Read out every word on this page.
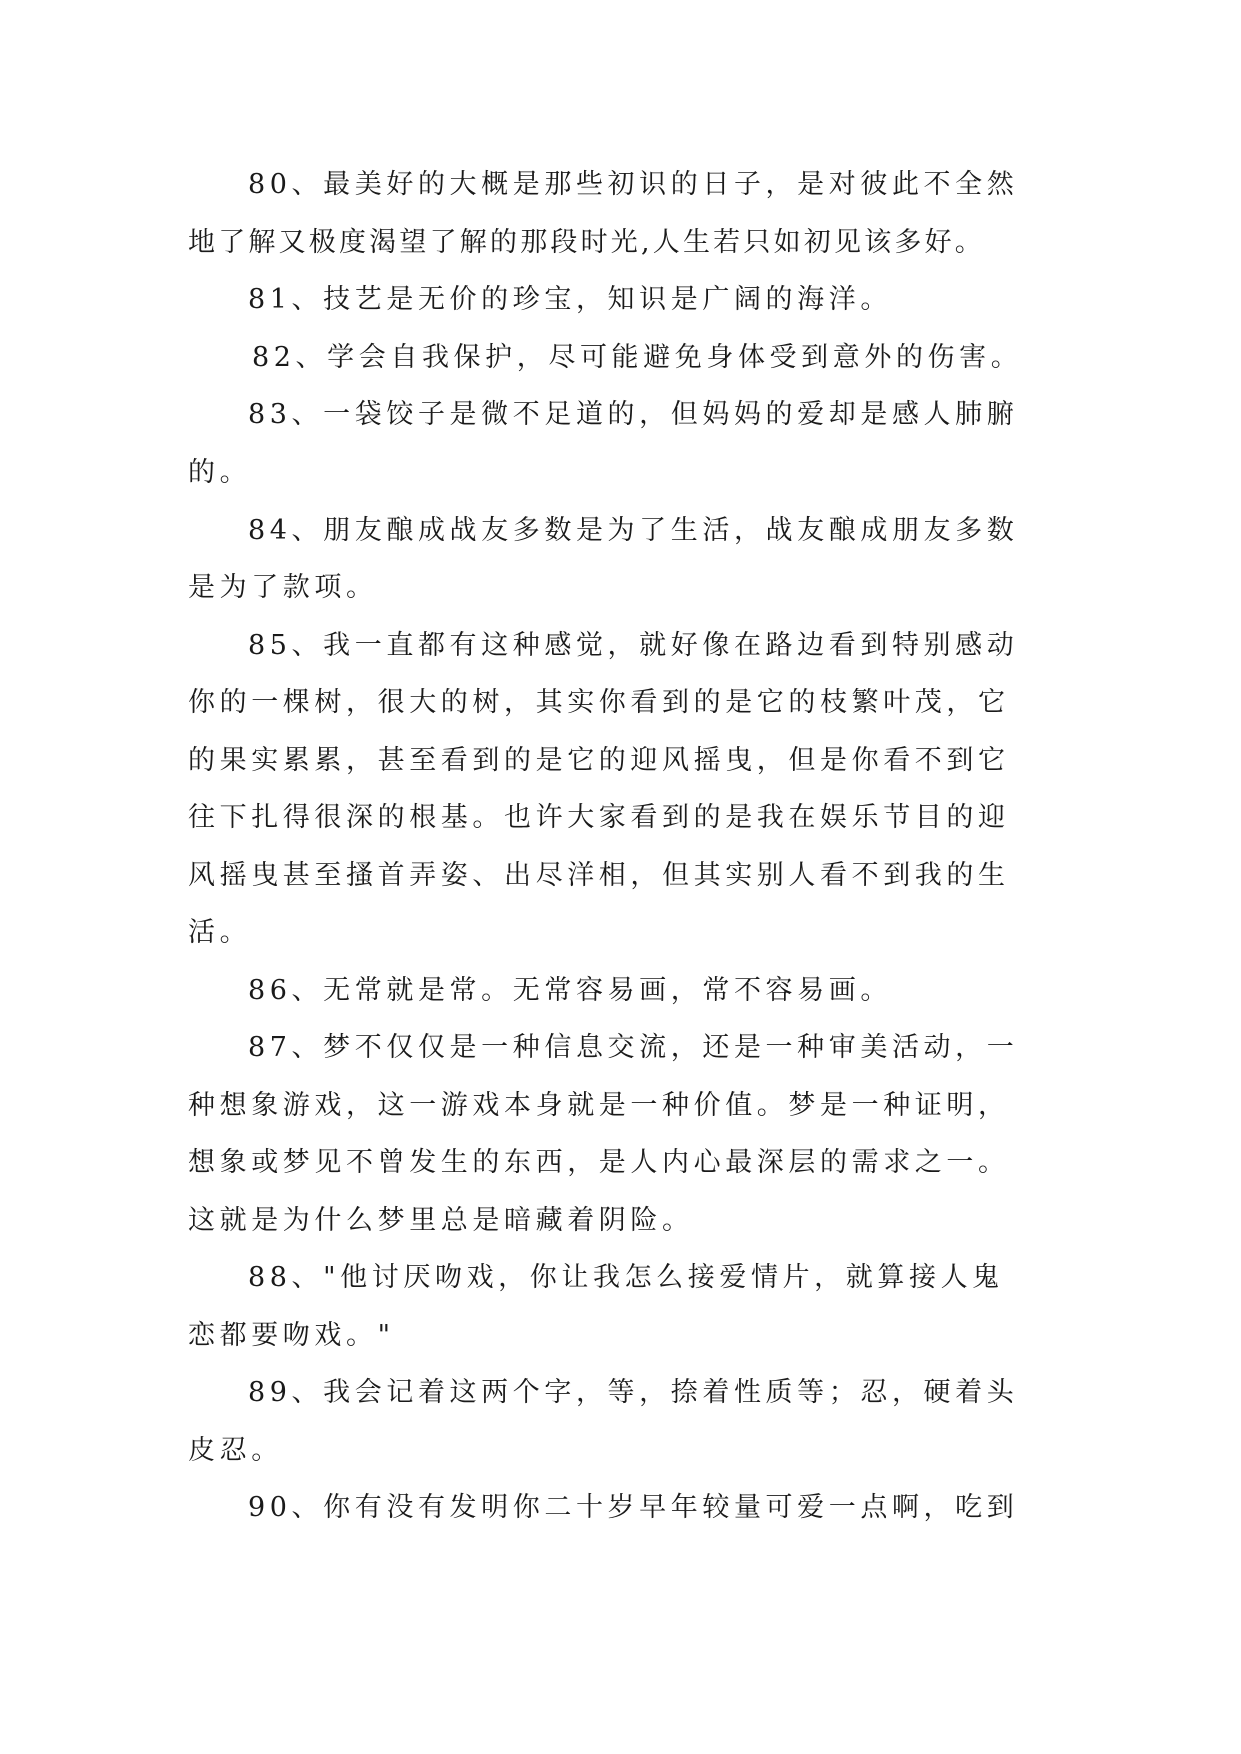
80、最美好的大概是那些初识的日子，是对彼此不全然
地了解又极度渴望了解的那段时光,人生若只如初见该多好。
81、技艺是无价的珍宝，知识是广阔的海洋。
82、学会自我保护，尽可能避免身体受到意外的伤害。
83、一袋饺子是微不足道的，但妈妈的爱却是感人肺腑
的。
84、朋友酿成战友多数是为了生活，战友酿成朋友多数
是为了款项。
85、我一直都有这种感觉，就好像在路边看到特别感动
你的一棵树，很大的树，其实你看到的是它的枝繁叶茂，它
的果实累累，甚至看到的是它的迎风摇曳，但是你看不到它
往下扎得很深的根基。也许大家看到的是我在娱乐节目的迎
风摇曳甚至搔首弄姿、出尽洋相，但其实别人看不到我的生
活。
86、无常就是常。无常容易画，常不容易画。
87、梦不仅仅是一种信息交流，还是一种审美活动，一
种想象游戏，这一游戏本身就是一种价值。梦是一种证明，
想象或梦见不曾发生的东西，是人内心最深层的需求之一。
这就是为什么梦里总是暗藏着阴险。
88、"他讨厌吻戏，你让我怎么接爱情片，就算接人鬼
恋都要吻戏。"
89、我会记着这两个字，等，捺着性质等；忍，硬着头
皮忍。
90、你有没有发明你二十岁早年较量可爱一点啊，吃到
